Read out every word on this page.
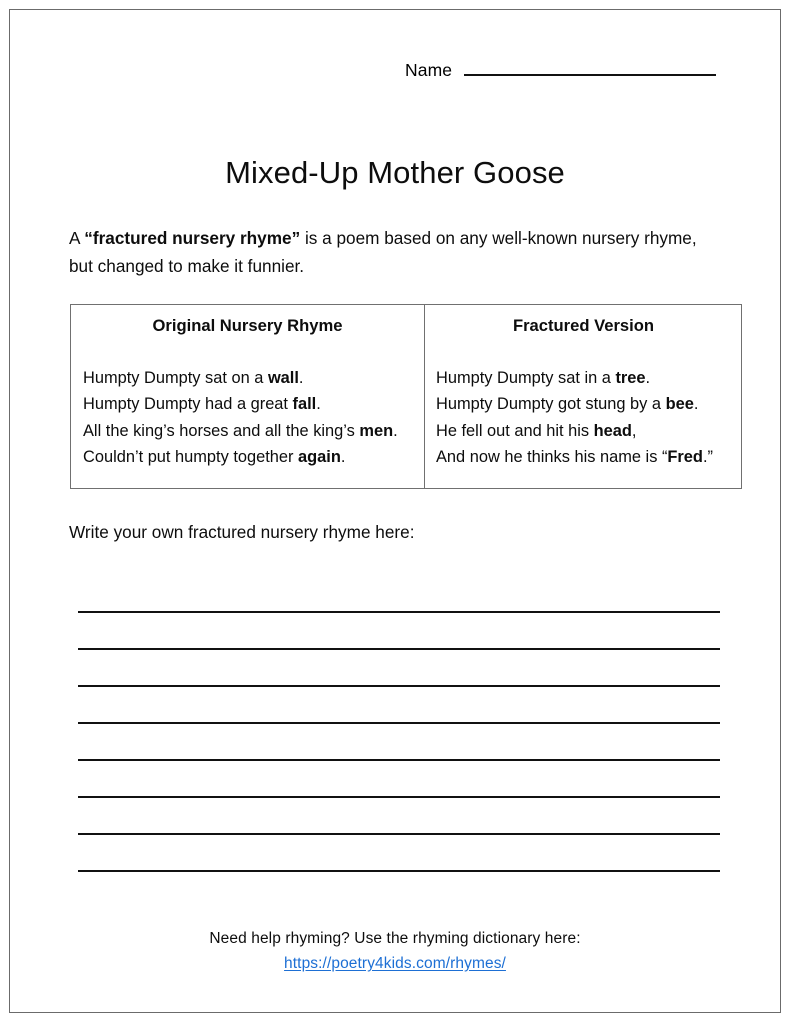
Name
Mixed-Up Mother Goose

A “fractured nursery rhyme” is a poem based on any well-known nursery rhyme, but changed to make it funnier.

Original Nursery Rhyme
Humpty Dumpty sat on a wall.
Humpty Dumpty had a great fall.
All the king’s horses and all the king’s men.
Couldn’t put humpty together again.
Fractured Version
Humpty Dumpty sat in a tree.
Humpty Dumpty got stung by a bee.
He fell out and hit his head,
And now he thinks his name is “Fred.”
Write your own fractured nursery rhyme here:
Need help rhyming? Use the rhyming dictionary here:
https://poetry4kids.com/rhymes/
